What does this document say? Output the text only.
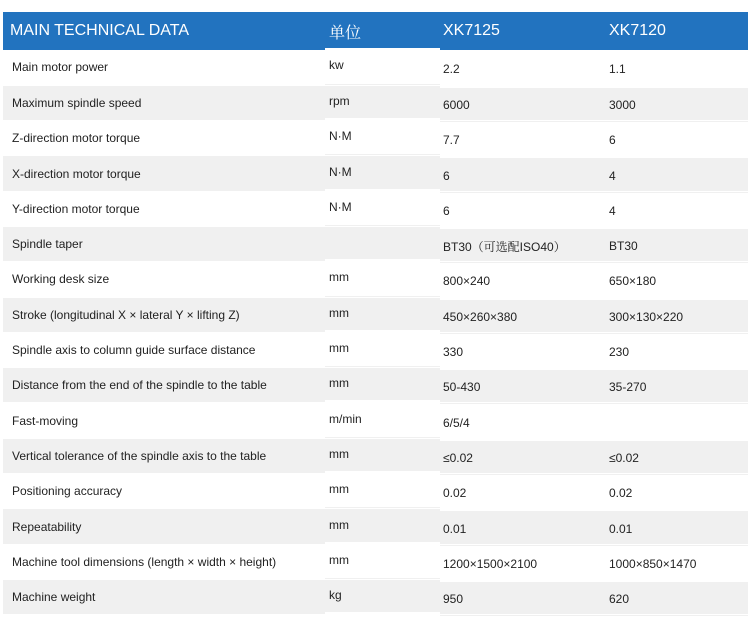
MAIN TECHNICAL DATA	单位	XK7125	XK7120
Main motor power	kw	2.2	1.1
Maximum spindle speed	rpm	6000	3000
Z-direction motor torque	N·M	7.7	6
X-direction motor torque	N·M	6	4
Y-direction motor torque	N·M	6	4
Spindle taper		BT30（可选配ISO40）	BT30
Working desk size	mm	800×240	650×180
Stroke (longitudinal X × lateral Y × lifting Z)	mm	450×260×380	300×130×220
Spindle axis to column guide surface distance	mm	330	230
Distance from the end of the spindle to the table	mm	50-430	35-270
Fast-moving	m/min	6/5/4	
Vertical tolerance of the spindle axis to the table	mm	≤0.02	≤0.02
Positioning accuracy	mm	0.02	0.02
Repeatability	mm	0.01	0.01
Machine tool dimensions (length × width × height)	mm	1200×1500×2100	1000×850×1470
Machine weight	kg	950	620
